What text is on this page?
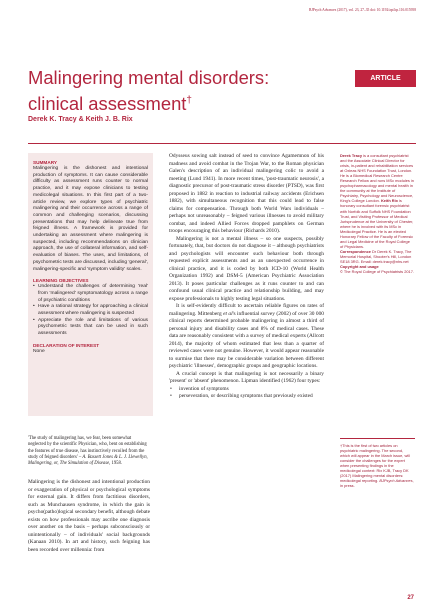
BJPsych Advances (2017), vol. 23, 27–35 doi: 10.1192/apt.bp.116.015958
Malingering mental disorders:
clinical assessment†
ARTICLE
Derek K. Tracy & Keith J. B. Rix
SUMMARY

Malingering is the dishonest and intentional production of symptoms. It can cause considerable difficulty as assessment runs counter to normal practice, and it may expose clinicians to testing medicolegal situations. In this first part of a two-article review, we explore types of psychiatric malingering and their occurrence across a range of common and challenging scenarios, discussing presentations that may help delineate true from feigned illness. A framework is provided for undertaking an assessment where malingering is suspected, including recommendations on clinician approach, the use of collateral information, and self-evaluation of biases. The uses, and limitations, of psychometric tests are discussed, including 'general', malingering-specific and 'symptom validity' scales.

LEARNING OBJECTIVES
• Understand the challenges of determining 'real' from 'malingered' symptomatology across a range of psychiatric conditions
• Have a rational strategy for approaching a clinical assessment where malingering is suspected
• Appreciate the role and limitations of various psychometric tests that can be used in such assessments
DECLARATION OF INTEREST

None

'The study of malingering has, we fear, been somewhat neglected by the scientific Physician, who, bent on establishing the features of true disease, has instinctively recoiled from the study of feigned disorders' – A. Bassett Jones & L. J. Llewellyn, Malingering, or, The Simulation of Disease, 1958.

Malingering is the dishonest and intentional production or exaggeration of physical or psychological symptoms for external gain. It differs from factitious disorders, such as Munchausen syndrome, in which the gain is psycho(patho)logical secondary benefit, although debate exists on how professionals may ascribe one diagnosis over another on the basis – perhaps subconsciously or unintentionally – of individuals' social backgrounds (Kanaan 2010). In art and history, such feigning has been recorded over millennia: from

Odysseus sowing salt instead of seed to convince Agamemnon of his madness and avoid combat in the Trojan War, to the Roman physician Galen's description of an individual malingering colic to avoid a meeting (Lund 1941). In more recent times, 'post-traumatic neurosis', a diagnostic precursor of post-traumatic stress disorder (PTSD), was first proposed in 1882 in reaction to industrial railway accidents (Erichsen 1882), with simultaneous recognition that this could lead to false claims for compensation. Through both World Wars individuals – perhaps not unreasonably – feigned various illnesses to avoid military combat, and indeed Allied Forces dropped pamphlets on German troops encouraging this behaviour (Richards 2010).

Malingering is not a mental illness – so one suspects, possibly fortunately, that, but doctors do not diagnose it – although psychiatrists and psychologists will encounter such behaviour both through requested explicit assessments and as an unexpected occurrence in clinical practice, and it is coded by both ICD-10 (World Health Organization 1992) and DSM-5 (American Psychiatric Association 2013). It poses particular challenges as it runs counter to and can confound usual clinical practice and relationship building, and may expose professionals to highly testing legal situations.

It is self-evidently difficult to ascertain reliable figures on rates of malingering. Mittenberg et al's influential survey (2002) of over 30 000 clinical reports determined probable malingering in almost a third of personal injury and disability cases and 8% of medical cases. These data are reasonably consistent with a survey of medical experts (Allcott 2014), the majority of whom estimated that less than a quarter of reviewed cases were not genuine. However, it would appear reasonable to surmise that there may be considerable variation between different psychiatric 'illnesses', demographic groups and geographic locations.

A crucial concept is that malingering is not necessarily a binary 'present' or 'absent' phenomenon. Lipman identified (1962) four types:

• invention of symptoms
• perseveration, or describing symptoms that previously existed

Derek Tracy is a consultant psychiatrist and the Associate Clinical Director for crisis, in-patient and rehabilitation services at Oxleas NHS Foundation Trust, London. He is a Biomedical Research Centre Research Fellow and runs MSc modules in psychopharmacology and mental health in the community at the Institute of Psychiatry, Psychology and Neuroscience, King's College London. Keith Rix is honorary consultant forensic psychiatrist with Norfolk and Suffolk NHS Foundation Trust, and Visiting Professor of Medical Jurisprudence at the University of Chester, where he is involved with its MSc in Medicolegal Practice. He is an elected Honorary Fellow of the Faculty of Forensic and Legal Medicine of the Royal College of Physicians.

Correspondence Dr Derek K. Tracy, The Memorial Hospital, Shooter's Hill, London SE18 3RG. Email: derek.tracy@nhs.net

Copyright and usage
© The Royal College of Psychiatrists 2017.

†This is the first of two articles on psychiatric malingering. The second, which will appear in the March issue, will consider the challenges for the expert when presenting findings in the medicolegal context: Rix KJB, Tracy DK (2017) Malingering mental disorders: medicolegal reporting. BJPsych Advances, in press.

27
